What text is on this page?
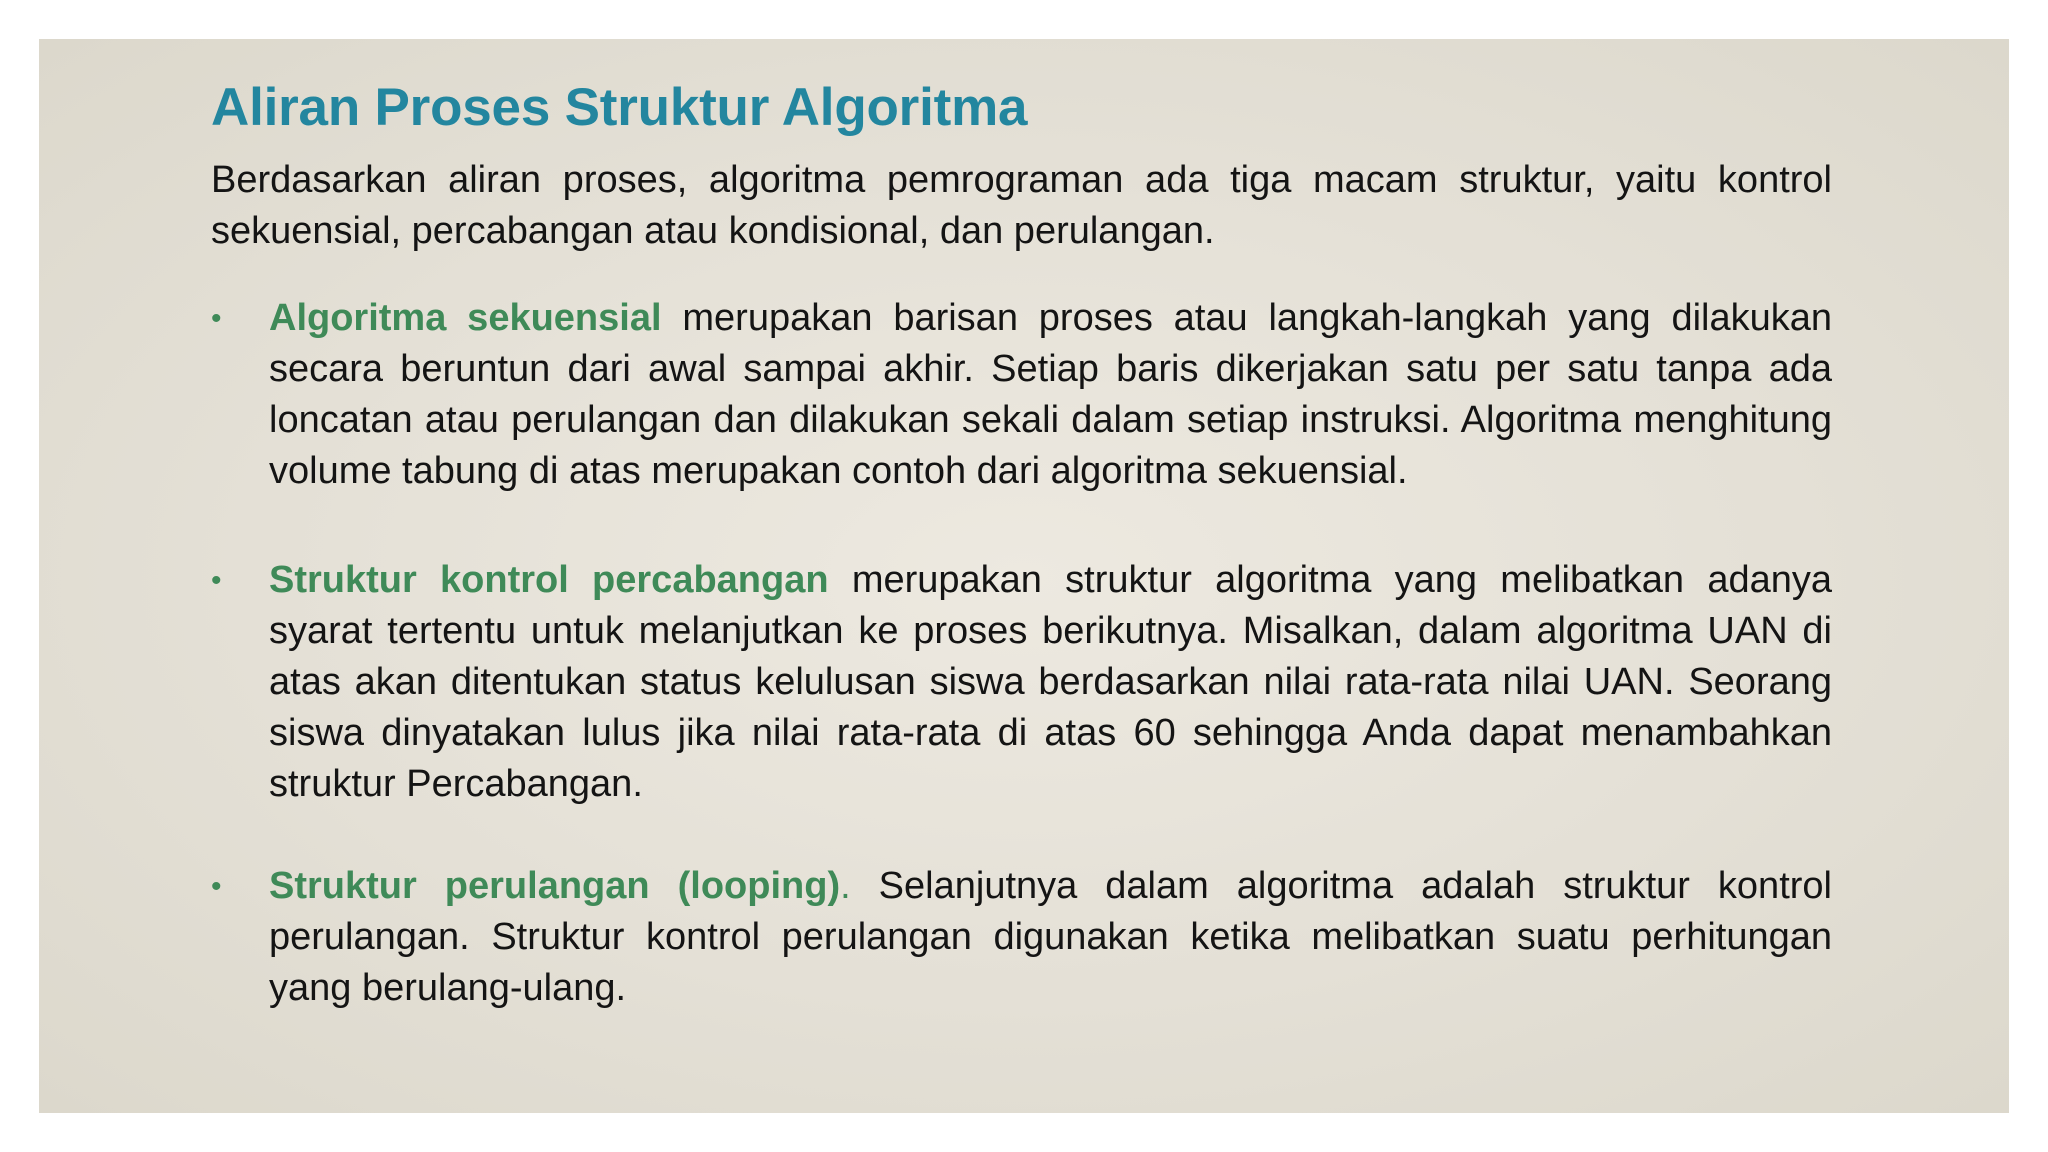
Aliran Proses Struktur Algoritma

Berdasarkan aliran proses, algoritma pemrograman ada tiga macam struktur, yaitu kontrol sekuensial, percabangan atau kondisional, dan perulangan.

•	Algoritma sekuensial merupakan barisan proses atau langkah-langkah yang dilakukan secara beruntun dari awal sampai akhir. Setiap baris dikerjakan satu per satu tanpa ada loncatan atau perulangan dan dilakukan sekali dalam setiap instruksi. Algoritma menghitung volume tabung di atas merupakan contoh dari algoritma sekuensial.
•	Struktur kontrol percabangan merupakan struktur algoritma yang melibatkan adanya syarat tertentu untuk melanjutkan ke proses berikutnya. Misalkan, dalam algoritma UAN di atas akan ditentukan status kelulusan siswa berdasarkan nilai rata-rata nilai UAN. Seorang siswa dinyatakan lulus jika nilai rata-rata di atas 60 sehingga Anda dapat menambahkan struktur Percabangan.
•	Struktur perulangan (looping). Selanjutnya dalam algoritma adalah struktur kontrol perulangan. Struktur kontrol perulangan digunakan ketika melibatkan suatu perhitungan yang berulang-ulang.
